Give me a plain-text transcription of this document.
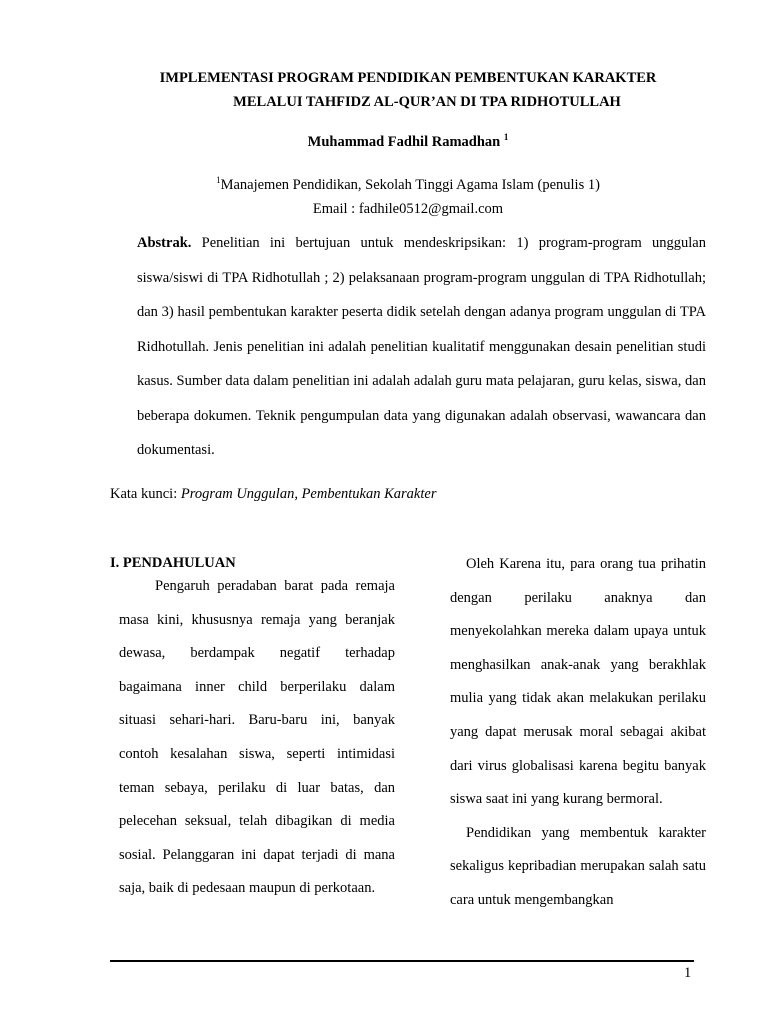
IMPLEMENTASI PROGRAM PENDIDIKAN PEMBENTUKAN KARAKTER
MELALUI TAHFIDZ AL-QUR’AN DI TPA RIDHOTULLAH
Muhammad Fadhil Ramadhan $^1$
$^1$Manajemen Pendidikan, Sekolah Tinggi Agama Islam (penulis 1)
Email : fadhile0512@gmail.com

Abstrak. Penelitian ini bertujuan untuk mendeskripsikan: 1) program-program unggulan siswa/siswi di TPA Ridhotullah ; 2) pelaksanaan program-program unggulan di TPA Ridhotullah; dan 3) hasil pembentukan karakter peserta didik setelah dengan adanya program unggulan di TPA Ridhotullah. Jenis penelitian ini adalah penelitian kualitatif menggunakan desain penelitian studi kasus. Sumber data dalam penelitian ini adalah adalah guru mata pelajaran, guru kelas, siswa, dan beberapa dokumen. Teknik pengumpulan data yang digunakan adalah observasi, wawancara dan dokumentasi.

Kata kunci: Program Unggulan, Pembentukan Karakter
I. PENDAHULUAN

Pengaruh peradaban barat pada remaja masa kini, khususnya remaja yang beranjak dewasa, berdampak negatif terhadap bagaimana inner child berperilaku dalam situasi sehari-hari. Baru-baru ini, banyak contoh kesalahan siswa, seperti intimidasi teman sebaya, perilaku di luar batas, dan pelecehan seksual, telah dibagikan di media sosial. Pelanggaran ini dapat terjadi di mana saja, baik di pedesaan maupun di perkotaan.

Oleh Karena itu, para orang tua prihatin dengan perilaku anaknya dan menyekolahkan mereka dalam upaya untuk menghasilkan anak-anak yang berakhlak mulia yang tidak akan melakukan perilaku yang dapat merusak moral sebagai akibat dari virus globalisasi karena begitu banyak siswa saat ini yang kurang bermoral.

Pendidikan yang membentuk karakter sekaligus kepribadian merupakan salah satu cara untuk mengembangkan

1
